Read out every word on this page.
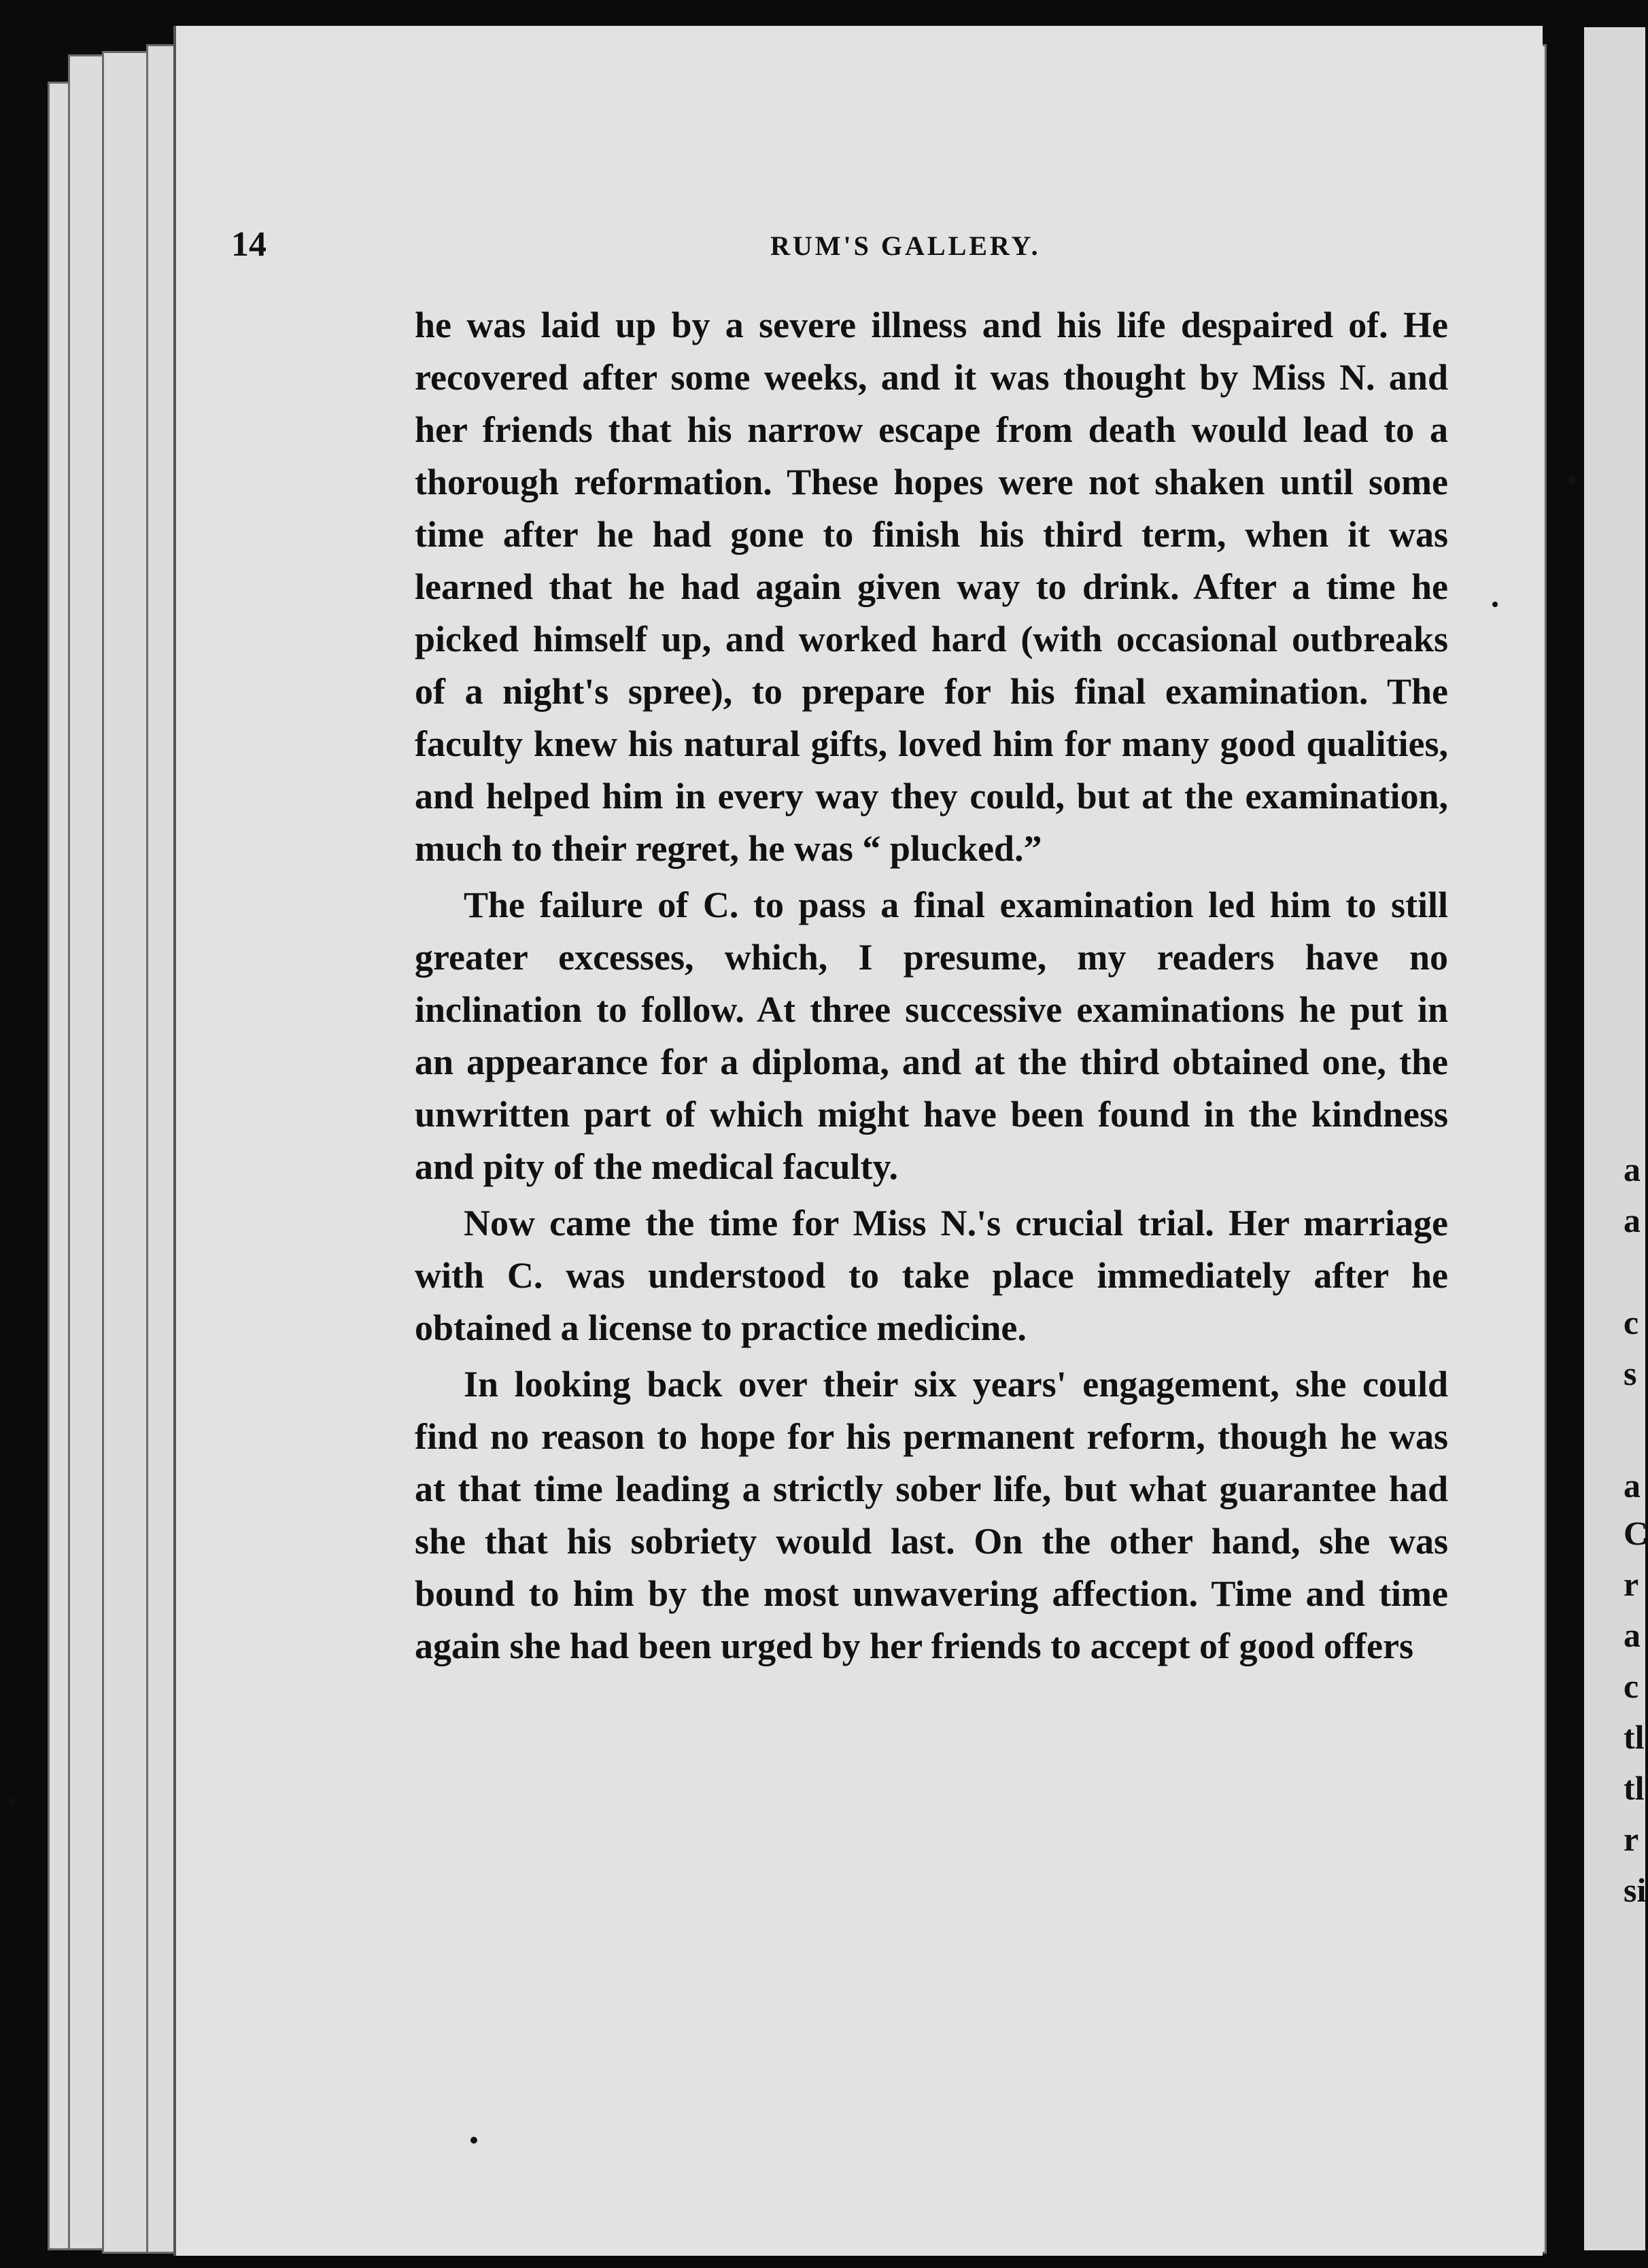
a
a
c
s
a
C
r
a
c
tl
tl
r
si
14	RUM'S GALLERY.

he was laid up by a severe illness and his life despaired of. He recovered after some weeks, and it was thought by Miss N. and her friends that his narrow escape from death would lead to a thorough reformation. These hopes were not shaken until some time after he had gone to finish his third term, when it was learned that he had again given way to drink. After a time he picked himself up, and worked hard (with occasional outbreaks of a night's spree), to prepare for his final examination. The faculty knew his natural gifts, loved him for many good qualities, and helped him in every way they could, but at the examination, much to their regret, he was “ plucked.”

The failure of C. to pass a final examination led him to still greater excesses, which, I presume, my readers have no inclination to follow. At three successive examinations he put in an appearance for a diploma, and at the third obtained one, the unwritten part of which might have been found in the kindness and pity of the medical faculty.

Now came the time for Miss N.'s crucial trial. Her marriage with C. was understood to take place immediately after he obtained a license to practice medicine.

In looking back over their six years' engagement, she could find no reason to hope for his permanent reform, though he was at that time leading a strictly sober life, but what guarantee had she that his sobriety would last. On the other hand, she was bound to him by the most unwavering affection. Time and time again she had been urged by her friends to accept of good offers
